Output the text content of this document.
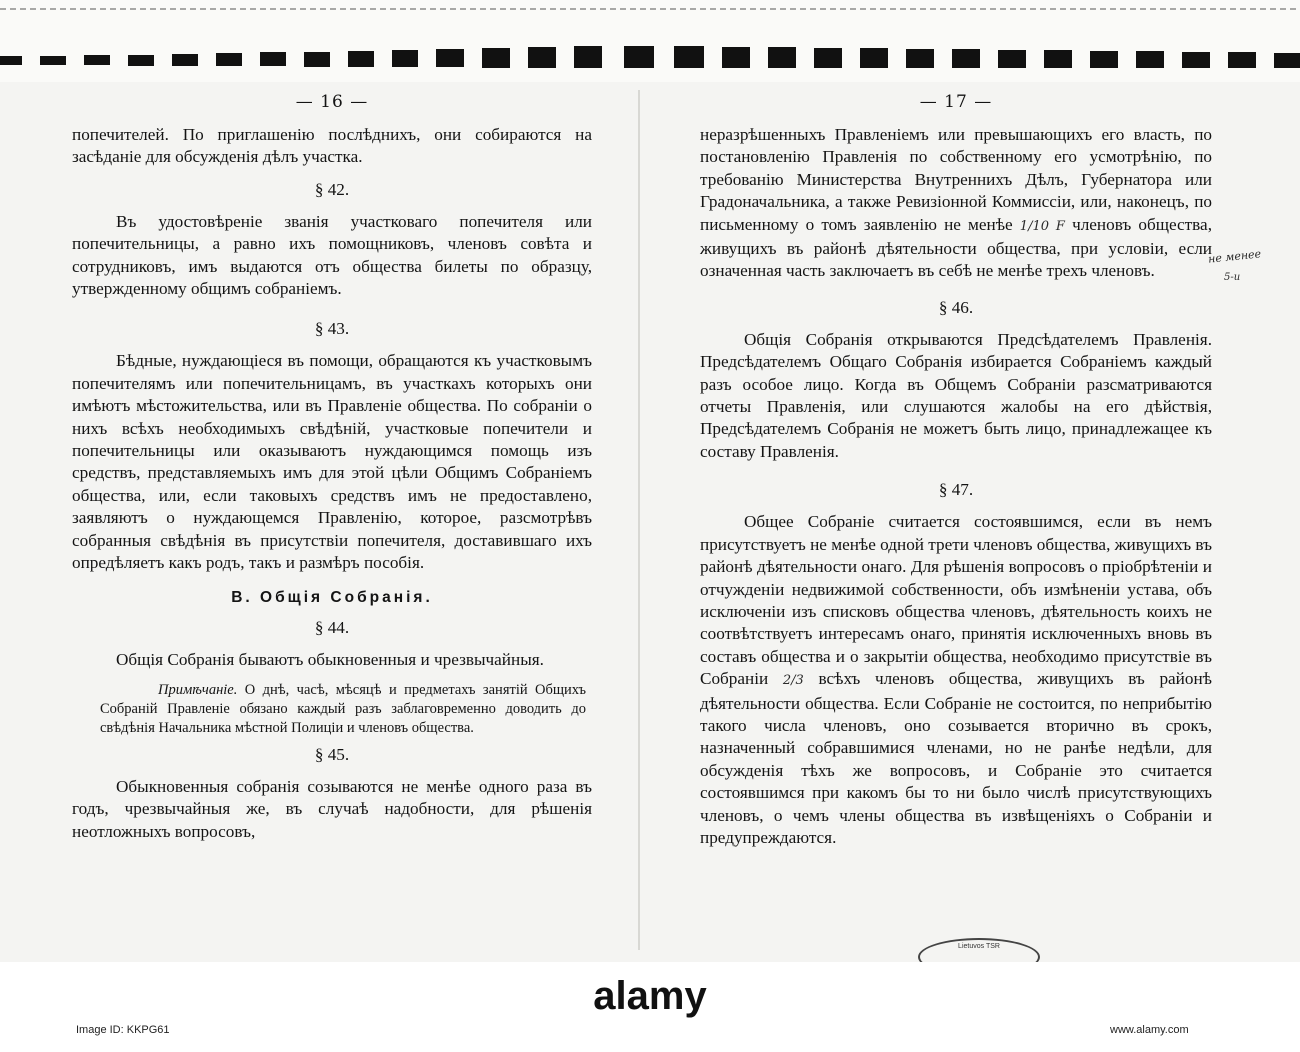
— 16 —

попечителей. По приглашенію послѣднихъ, они собираются на засѣданіе для обсужденія дѣлъ участка.

§ 42.

Въ удостовѣреніе званія участковаго попечителя или попечительницы, а равно ихъ помощниковъ, членовъ совѣта и сотрудниковъ, имъ выдаются отъ общества билеты по образцу, утвержденному общимъ собраніемъ.

§ 43.

Бѣдные, нуждающіеся въ помощи, обращаются къ участковымъ попечителямъ или попечительницамъ, въ участкахъ которыхъ они имѣютъ мѣстожительства, или въ Правленіе общества. По собраніи о нихъ всѣхъ необходимыхъ свѣдѣній, участковые попечители и попечительницы или оказываютъ нуждающимся помощь изъ средствъ, представляемыхъ имъ для этой цѣли Общимъ Собраніемъ общества, или, если таковыхъ средствъ имъ не предоставлено, заявляютъ о нуждающемся Правленію, которое, разсмотрѣвъ собранныя свѣдѣнія въ присутствіи попечителя, доставившаго ихъ опредѣляетъ какъ родъ, такъ и размѣръ пособія.

В. Общія Собранія.
§ 44.

Общія Собранія бываютъ обыкновенныя и чрезвычайныя.

Примѣчаніе. О днѣ, часѣ, мѣсяцѣ и предметахъ занятій Общихъ Собраній Правленіе обязано каждый разъ заблаговременно доводить до свѣдѣнія Начальника мѣстной Полиціи и членовъ общества.

§ 45.

Обыкновенныя собранія созываются не менѣе одного раза въ годъ, чрезвычайныя же, въ случаѣ надобности, для рѣшенія неотложныхъ вопросовъ,

— 17 —

неразрѣшенныхъ Правленіемъ или превышающихъ его власть, по постановленію Правленія по собственному его усмотрѣнію, по требованію Министерства Внутреннихъ Дѣлъ, Губернатора или Градоначальника, а также Ревизіонной Коммиссіи, или, наконецъ, по письменному о томъ заявленію не менѣе 1/10 F членовъ общества, живущихъ въ районѣ дѣятельности общества, при условіи, если означенная часть заключаетъ въ себѣ не менѣе трехъ членовъ.

§ 46.

Общія Собранія открываются Предсѣдателемъ Правленія. Предсѣдателемъ Общаго Собранія избирается Собраніемъ каждый разъ особое лицо. Когда въ Общемъ Собраніи разсматриваются отчеты Правленія, или слушаются жалобы на его дѣйствія, Предсѣдателемъ Собранія не можетъ быть лицо, принадлежащее къ составу Правленія.

§ 47.

Общее Собраніе считается состоявшимся, если въ немъ присутствуетъ не менѣе одной трети членовъ общества, живущихъ въ районѣ дѣятельности онаго. Для рѣшенія вопросовъ о пріобрѣтеніи и отчужденіи недвижимой собственности, объ измѣненіи устава, объ исключеніи изъ списковъ общества членовъ, дѣятельность коихъ не соотвѣтствуетъ интересамъ онаго, принятія исключенныхъ вновь въ составъ общества и о закрытіи общества, необходимо присутствіе въ Собраніи 2/3 всѣхъ членовъ общества, живущихъ въ районѣ дѣятельности общества. Если Собраніе не состоится, по неприбытію такого числа членовъ, оно созывается вторично въ срокъ, назначенный собравшимися членами, но не ранѣе недѣли, для обсужденія тѣхъ же вопросовъ, и Собраніе это считается состоявшимся при какомъ бы то ни было числѣ присутствующихъ членовъ, о чемъ члены общества въ извѣщеніяхъ о Собраніи и предупреждаются.

не менее
5-и
Lietuvos TSR
alamy
Image ID: KKPG61	www.alamy.com
